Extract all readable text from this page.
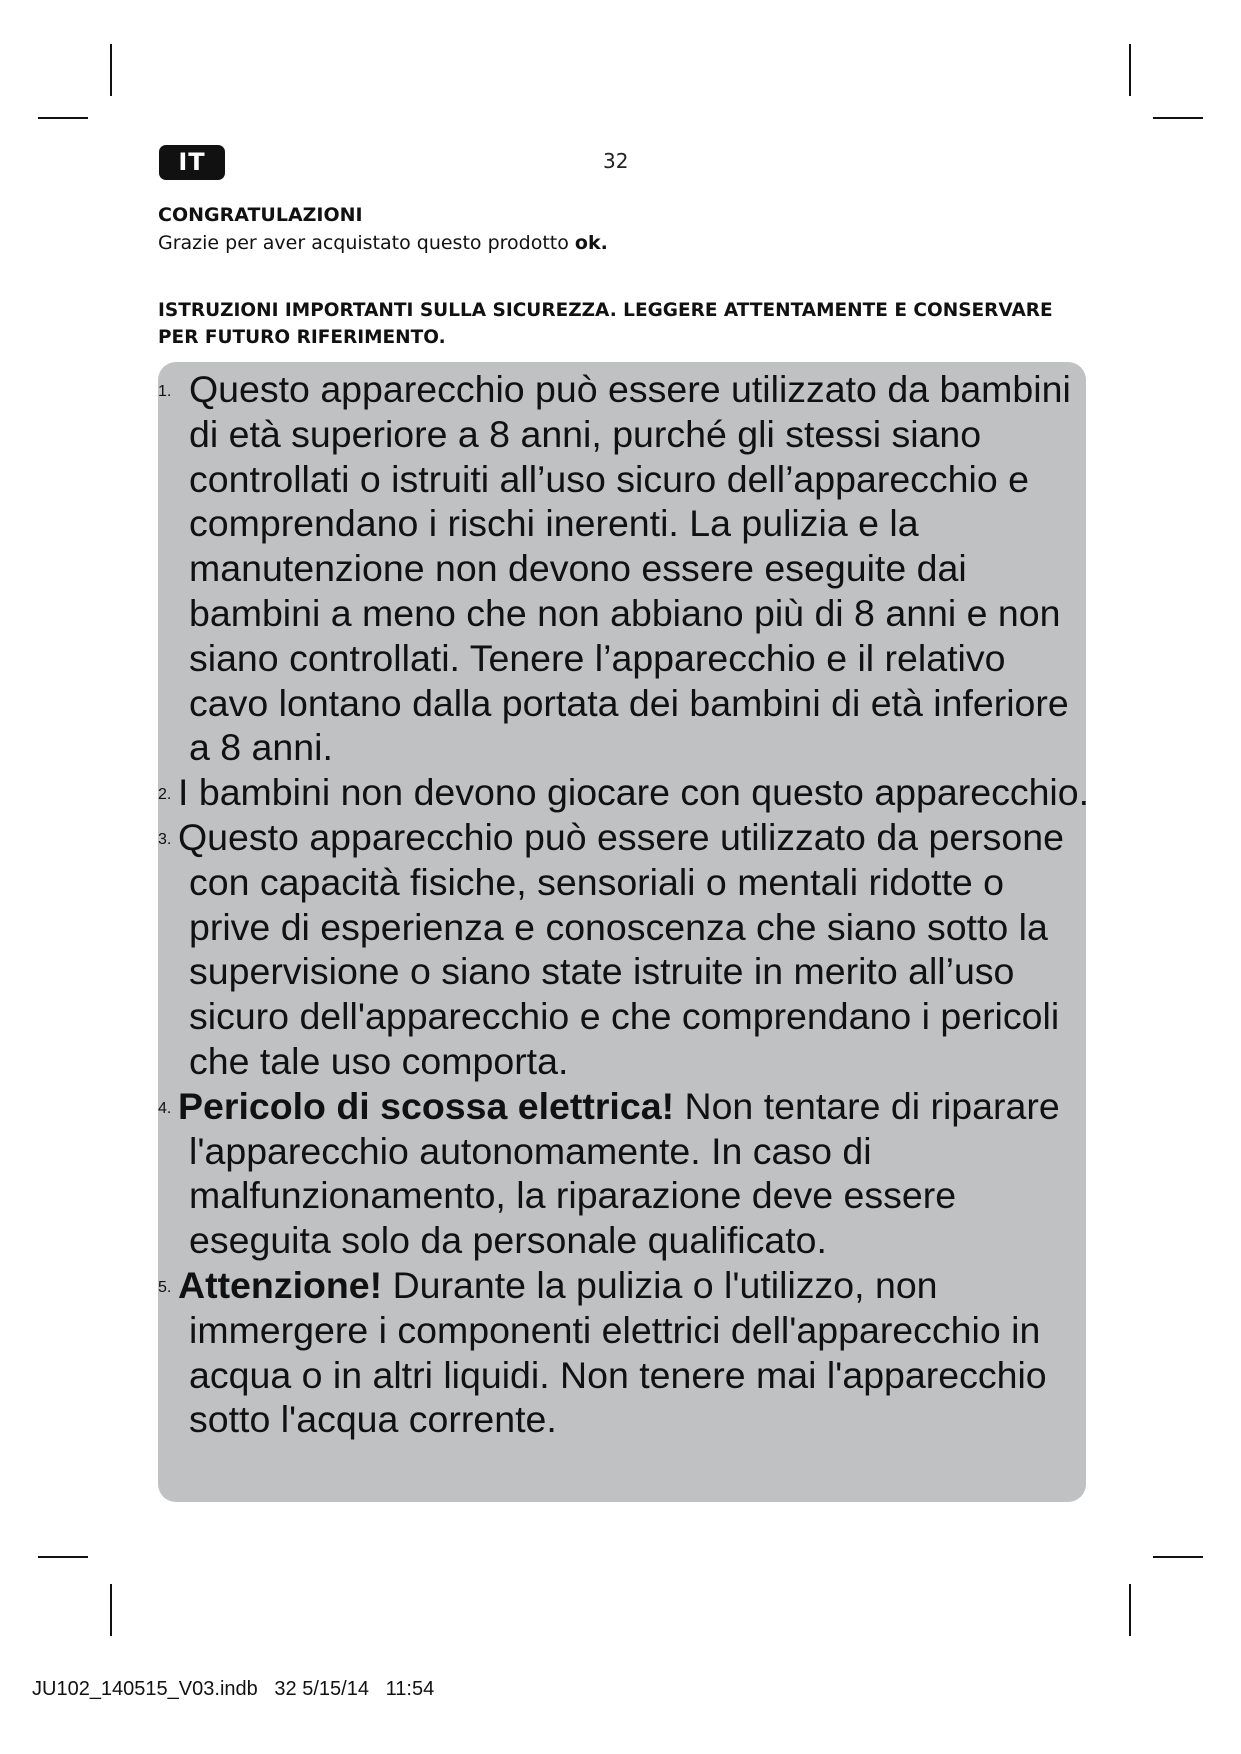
IT	32
CONGRATULAZIONI
Grazie per aver acquistato questo prodotto ok.
ISTRUZIONI IMPORTANTI SULLA SICUREZZA. LEGGERE ATTENTAMENTE E CONSERVARE PER FUTURO RIFERIMENTO.
1. Questo apparecchio può essere utilizzato da bambini di età superiore a 8 anni, purché gli stessi siano controllati o istruiti all’uso sicuro dell’apparecchio e comprendano i rischi inerenti. La pulizia e la manutenzione non devono essere eseguite dai bambini a meno che non abbiano più di 8 anni e non siano controllati. Tenere l’apparecchio e il relativo cavo lontano dalla portata dei bambini di età inferiore a 8 anni.
2. I bambini non devono giocare con questo apparecchio.
3. Questo apparecchio può essere utilizzato da persone con capacità fisiche, sensoriali o mentali ridotte o prive di esperienza e conoscenza che siano sotto la supervisione o siano state istruite in merito all’uso sicuro dell'apparecchio e che comprendano i pericoli che tale uso comporta.
4. Pericolo di scossa elettrica! Non tentare di riparare l'apparecchio autonomamente. In caso di malfunzionamento, la riparazione deve essere eseguita solo da personale qualificato.
5. Attenzione! Durante la pulizia o l'utilizzo, non immergere i componenti elettrici dell'apparecchio in acqua o in altri liquidi. Non tenere mai l'apparecchio sotto l'acqua corrente.
JU102_140515_V03.indb   32 5/15/14   11:54
